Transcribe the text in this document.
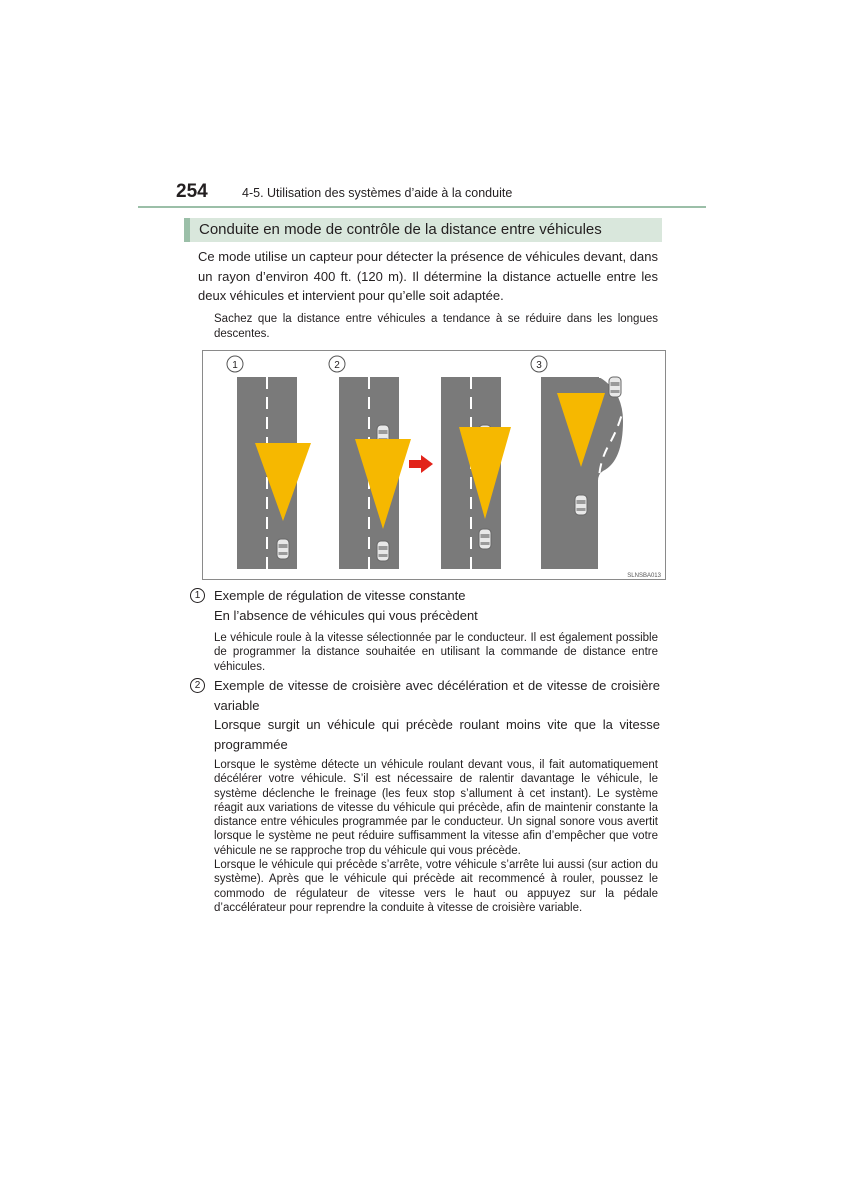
254	4-5. Utilisation des systèmes d’aide à la conduite
Conduite en mode de contrôle de la distance entre véhicules
Ce mode utilise un capteur pour détecter la présence de véhicules devant, dans un rayon d’environ 400 ft. (120 m). Il détermine la distance actuelle entre les deux véhicules et intervient pour qu’elle soit adaptée.
Sachez que la distance entre véhicules a tendance à se réduire dans les longues descentes.
1	2	3
SLNSBA013
1	Exemple de régulation de vitesse constante
En l’absence de véhicules qui vous précèdent

Le véhicule roule à la vitesse sélectionnée par le conducteur. Il est également possible de programmer la distance souhaitée en utilisant la commande de distance entre véhicules.

2	Exemple de vitesse de croisière avec décélération et de vitesse de croisière variable
Lorsque surgit un véhicule qui précède roulant moins vite que la vitesse programmée

Lorsque le système détecte un véhicule roulant devant vous, il fait automatiquement décélérer votre véhicule. S’il est nécessaire de ralentir davantage le véhicule, le système déclenche le freinage (les feux stop s’allument à cet instant). Le système réagit aux variations de vitesse du véhicule qui précède, afin de maintenir constante la distance entre véhicules programmée par le conducteur. Un signal sonore vous avertit lorsque le système ne peut réduire suffisamment la vitesse afin d’empêcher que votre véhicule ne se rapproche trop du véhicule qui vous précède.

Lorsque le véhicule qui précède s’arrête, votre véhicule s’arrête lui aussi (sur action du système). Après que le véhicule qui précède ait recommencé à rouler, poussez le commodo de régulateur de vitesse vers le haut ou appuyez sur la pédale d’accélérateur pour reprendre la conduite à vitesse de croisière variable.
